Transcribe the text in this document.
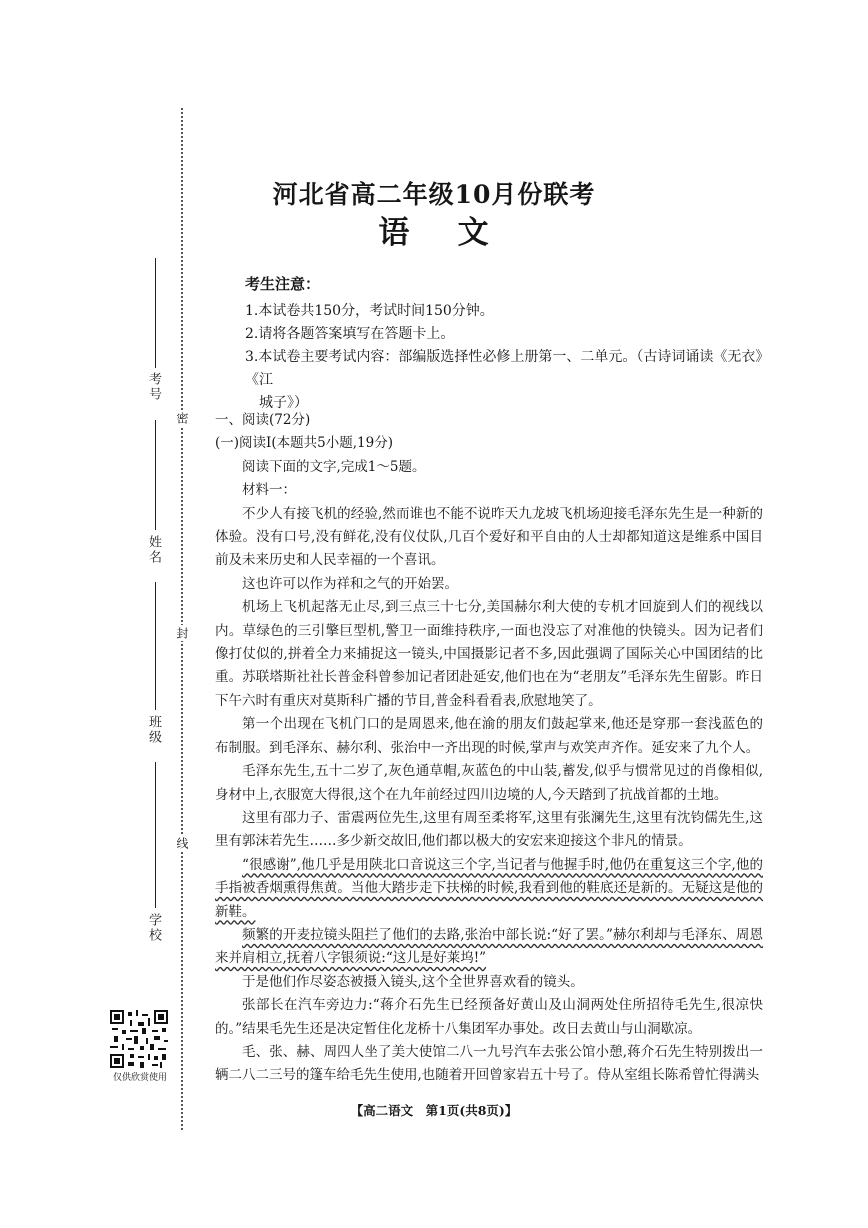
考号
姓名
班级
学校
密
封
线
仅供欣赏使用
河北省高二年级10月份联考
语    文
考生注意：
1.本试卷共150分，考试时间150分钟。
2.请将各题答案填写在答题卡上。
3.本试卷主要考试内容：部编版选择性必修上册第一、二单元。（古诗词诵读《无衣》《江
城子》）

一、阅读(72分)

(一)阅读Ⅰ(本题共5小题,19分)

阅读下面的文字,完成1～5题。

材料一：

不少人有接飞机的经验,然而谁也不能不说昨天九龙坡飞机场迎接毛泽东先生是一种新的体验。没有口号,没有鲜花,没有仪仗队,几百个爱好和平自由的人士却都知道这是维系中国目前及未来历史和人民幸福的一个喜讯。

这也许可以作为祥和之气的开始罢。

机场上飞机起落无止尽,到三点三十七分,美国赫尔利大使的专机才回旋到人们的视线以内。草绿色的三引擎巨型机,警卫一面维持秩序,一面也没忘了对准他的快镜头。因为记者们像打仗似的,拼着全力来捕捉这一镜头,中国摄影记者不多,因此强调了国际关心中国团结的比重。苏联塔斯社社长普金科曾参加记者团赴延安,他们也在为“老朋友”毛泽东先生留影。昨日下午六时有重庆对莫斯科广播的节目,普金科看看表,欣慰地笑了。

第一个出现在飞机门口的是周恩来,他在渝的朋友们鼓起掌来,他还是穿那一套浅蓝色的布制服。到毛泽东、赫尔利、张治中一齐出现的时候,掌声与欢笑声齐作。延安来了九个人。

毛泽东先生,五十二岁了,灰色通草帽,灰蓝色的中山装,蓄发,似乎与惯常见过的肖像相似,身材中上,衣服宽大得很,这个在九年前经过四川边境的人,今天踏到了抗战首都的土地。

这里有邵力子、雷震两位先生,这里有周至柔将军,这里有张澜先生,这里有沈钧儒先生,这里有郭沫若先生……多少新交故旧,他们都以极大的安宏来迎接这个非凡的情景。

“很感谢”,他几乎是用陕北口音说这三个字,当记者与他握手时,他仍在重复这三个字,他的手指被香烟熏得焦黄。当他大踏步走下扶梯的时候,我看到他的鞋底还是新的。无疑这是他的新鞋。

频繁的开麦拉镜头阻拦了他们的去路,张治中部长说:“好了罢。”赫尔利却与毛泽东、周恩来并肩相立,抚着八字银须说:“这儿是好莱坞!”

于是他们作尽姿态被摄入镜头,这个全世界喜欢看的镜头。

张部长在汽车旁边力:“蒋介石先生已经预备好黄山及山洞两处住所招待毛先生,很凉快的。”结果毛先生还是决定暂住化龙桥十八集团军办事处。改日去黄山与山洞歇凉。

毛、张、赫、周四人坐了美大使馆二八一九号汽车去张公馆小憩,蒋介石先生特别拨出一辆二八二三号的篷车给毛先生使用,也随着开回曾家岩五十号了。侍从室组长陈希曾忙得满头

【高二语文　第1页(共8页)】
